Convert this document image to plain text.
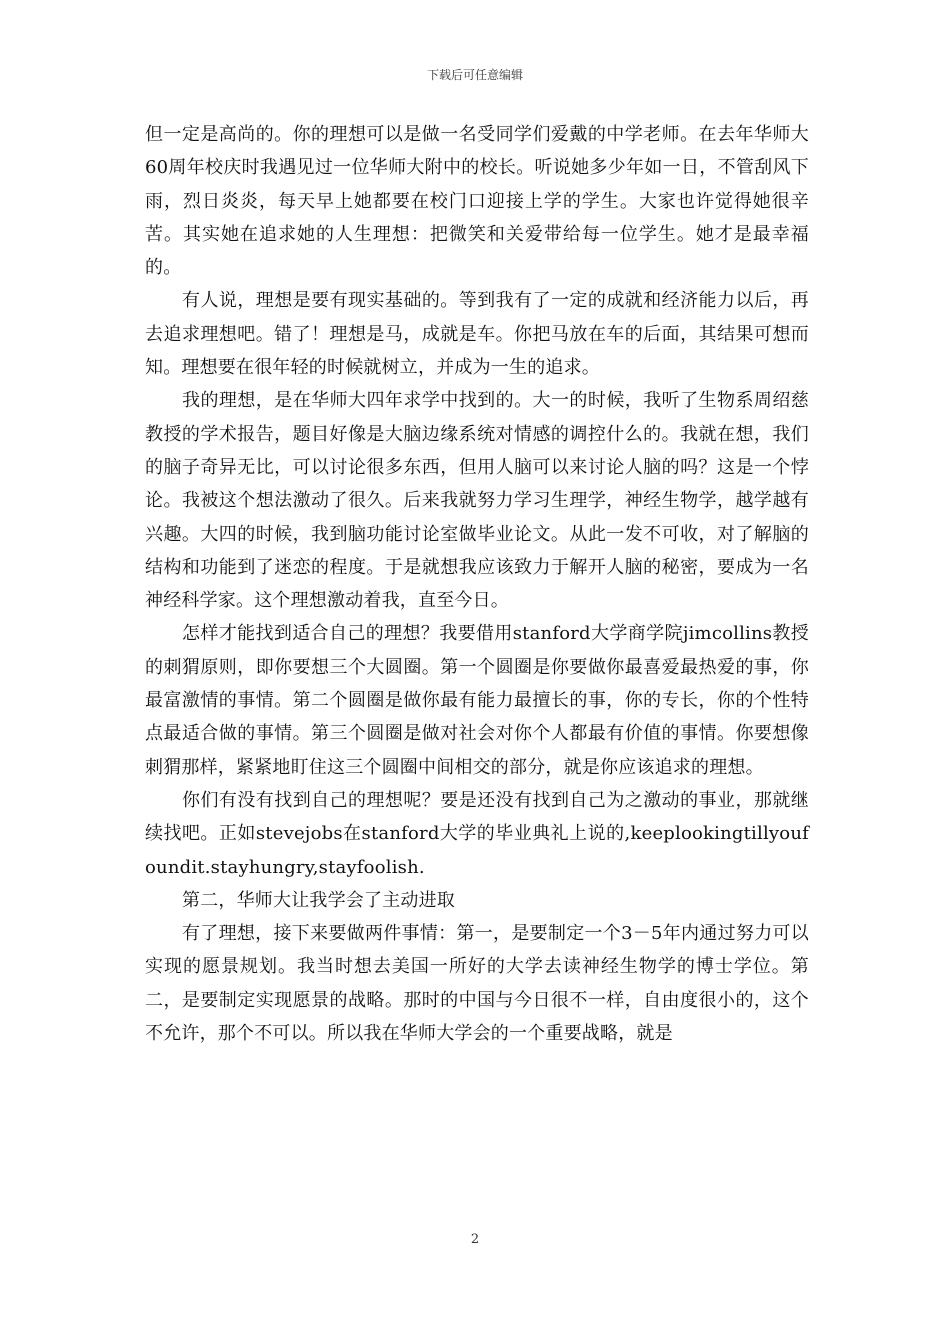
下载后可任意编辑

但一定是高尚的。你的理想可以是做一名受同学们爱戴的中学老师。在去年华师大60周年校庆时我遇见过一位华师大附中的校长。听说她多少年如一日，不管刮风下雨，烈日炎炎，每天早上她都要在校门口迎接上学的学生。大家也许觉得她很辛苦。其实她在追求她的人生理想：把微笑和关爱带给每一位学生。她才是最幸福的。

有人说，理想是要有现实基础的。等到我有了一定的成就和经济能力以后，再去追求理想吧。错了！理想是马，成就是车。你把马放在车的后面，其结果可想而知。理想要在很年轻的时候就树立，并成为一生的追求。

我的理想，是在华师大四年求学中找到的。大一的时候，我听了生物系周绍慈教授的学术报告，题目好像是大脑边缘系统对情感的调控什么的。我就在想，我们的脑子奇异无比，可以讨论很多东西，但用人脑可以来讨论人脑的吗？这是一个悖论。我被这个想法激动了很久。后来我就努力学习生理学，神经生物学，越学越有兴趣。大四的时候，我到脑功能讨论室做毕业论文。从此一发不可收，对了解脑的结构和功能到了迷恋的程度。于是就想我应该致力于解开人脑的秘密，要成为一名神经科学家。这个理想激动着我，直至今日。

怎样才能找到适合自己的理想？我要借用stanford大学商学院jimcollins教授的刺猬原则，即你要想三个大圆圈。第一个圆圈是你要做你最喜爱最热爱的事，你最富激情的事情。第二个圆圈是做你最有能力最擅长的事，你的专长，你的个性特点最适合做的事情。第三个圆圈是做对社会对你个人都最有价值的事情。你要想像刺猬那样，紧紧地盯住这三个圆圈中间相交的部分，就是你应该追求的理想。

你们有没有找到自己的理想呢？要是还没有找到自己为之激动的事业，那就继续找吧。正如stevejobs在stanford大学的毕业典礼上说的,keeplookingtillyoufoundit.stayhungry,stayfoolish.

第二，华师大让我学会了主动进取

有了理想，接下来要做两件事情：第一，是要制定一个3－5年内通过努力可以实现的愿景规划。我当时想去美国一所好的大学去读神经生物学的博士学位。第二，是要制定实现愿景的战略。那时的中国与今日很不一样，自由度很小的，这个不允许，那个不可以。所以我在华师大学会的一个重要战略，就是

2
